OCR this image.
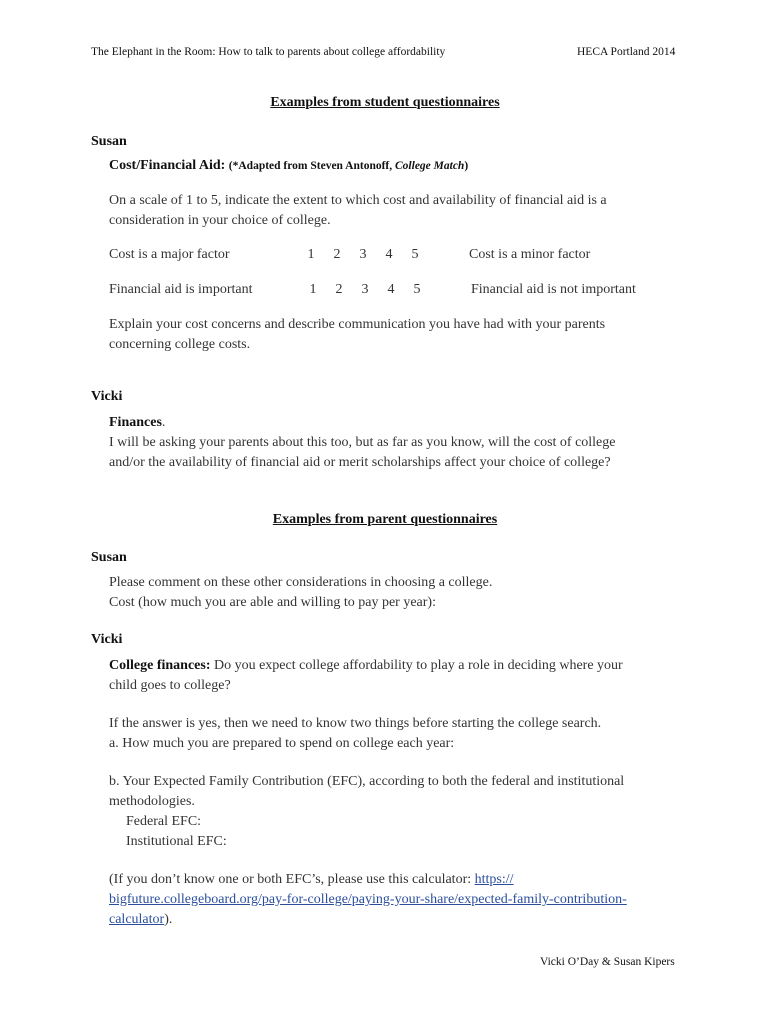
The Elephant in the Room: How to talk to parents about college affordability	HECA Portland 2014
Examples from student questionnaires
Susan
Cost/Financial Aid: (*Adapted from Steven Antonoff, College Match)
On a scale of 1 to 5, indicate the extent to which cost and availability of financial aid is a
consideration in your choice of college.
Cost is a major factor	1 2 3 4 5	Cost is a minor factor
Financial aid is important	1 2 3 4 5	Financial aid is not important
Explain your cost concerns and describe communication you have had with your parents
concerning college costs.
Vicki
Finances.
I will be asking your parents about this too, but as far as you know, will the cost of college
and/or the availability of financial aid or merit scholarships affect your choice of college?
Examples from parent questionnaires
Susan
Please comment on these other considerations in choosing a college.
Cost (how much you are able and willing to pay per year):
Vicki
College finances: Do you expect college affordability to play a role in deciding where your
child goes to college?
If the answer is yes, then we need to know two things before starting the college search.
a. How much you are prepared to spend on college each year:
b. Your Expected Family Contribution (EFC), according to both the federal and institutional
methodologies.
Federal EFC:
Institutional EFC:
(If you don’t know one or both EFC’s, please use this calculator: https://
bigfuture.collegeboard.org/pay-for-college/paying-your-share/expected-family-contribution-
calculator).
Vicki O’Day & Susan Kipers
